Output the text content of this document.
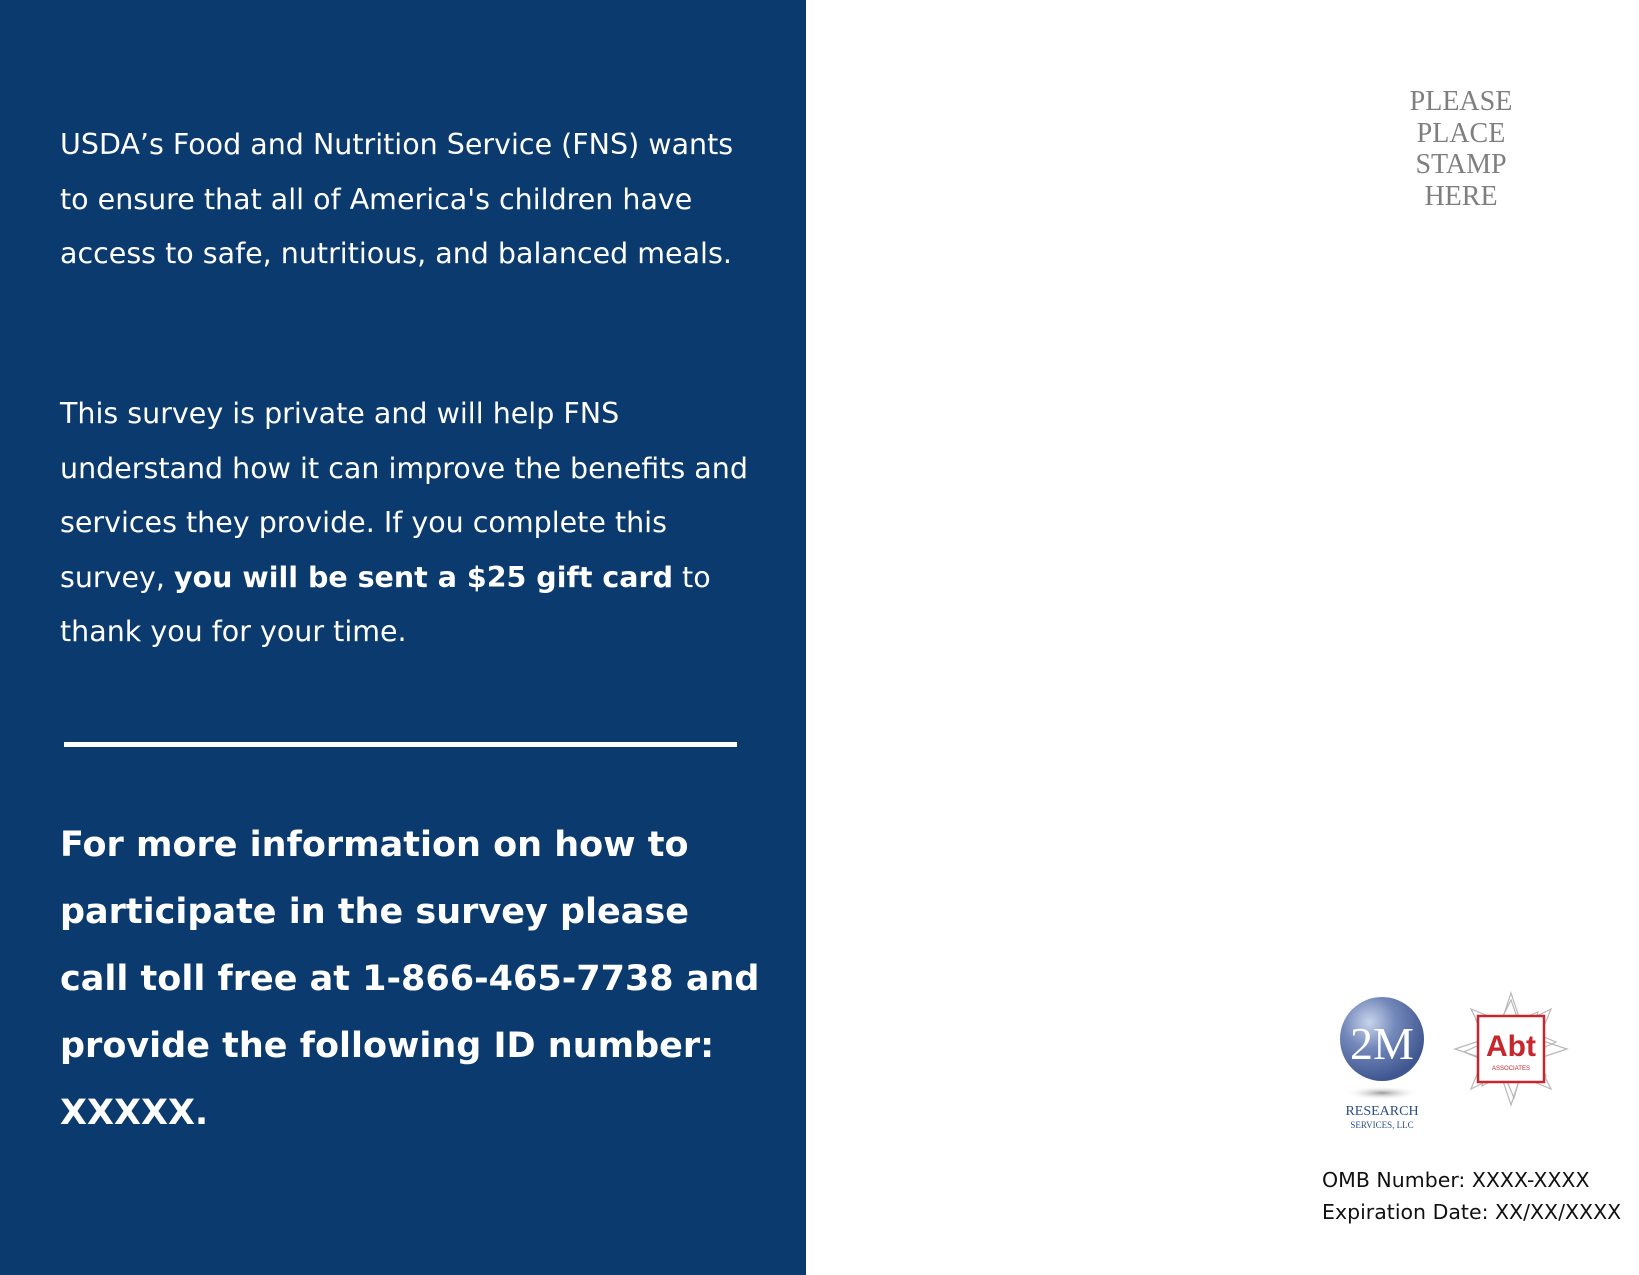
USDA’s Food and Nutrition Service (FNS) wants to ensure that all of America's children have access to safe, nutritious, and balanced meals.

This survey is private and will help FNS understand how it can improve the benefits and services they provide. If you complete this survey, you will be sent a $25 gift card to thank you for your time.

For more information on how to participate in the survey please call toll free at 1-866-465-7738 and provide the following ID number: XXXXX.

PLEASE
PLACE
STAMP
HERE
2M
RESEARCH
SERVICES, LLC
Abt
ASSOCIATES
OMB Number: XXXX-XXXX
Expiration Date: XX/XX/XXXX
